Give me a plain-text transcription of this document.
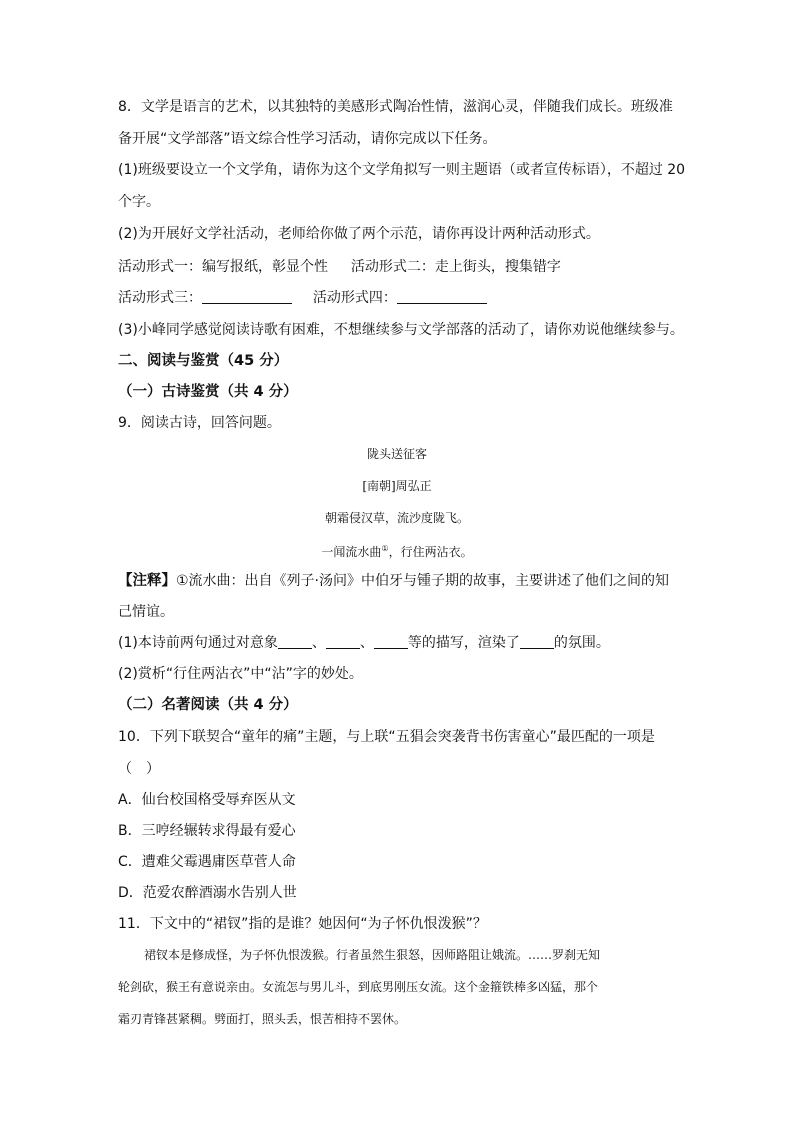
8．文学是语言的艺术，以其独特的美感形式陶冶性情，滋润心灵，伴随我们成长。班级准
备开展“文学部落”语文综合性学习活动，请你完成以下任务。
(1)班级要设立一个文学角，请你为这个文学角拟写一则主题语（或者宣传标语），不超过 20
个字。
(2)为开展好文学社活动，老师给你做了两个示范，请你再设计两种活动形式。
活动形式一：编写报纸，彰显个性 活动形式二：走上街头，搜集错字
活动形式三：	活动形式四：
(3)小峰同学感觉阅读诗歌有困难，不想继续参与文学部落的活动了，请你劝说他继续参与。
二、阅读与鉴赏（45 分）
（一）古诗鉴赏（共 4 分）
9．阅读古诗，回答问题。
陇头送征客
[南朝]周弘正
朝霜侵汉草，流沙度陇飞。
一闻流水曲①，行住两沾衣。
【注释】①流水曲：出自《列子·汤问》中伯牙与锺子期的故事，主要讲述了他们之间的知
己情谊。
(1)本诗前两句通过对意象 、 、 等的描写，渲染了 的氛围。
(2)赏析“行住两沾衣”中“沾”字的妙处。
（二）名著阅读（共 4 分）
10．下列下联契合“童年的痛”主题，与上联“五猖会突袭背书伤害童心”最匹配的一项是
（　）
A．仙台校国格受辱弃医从文
B．三哼经辗转求得最有爱心
C．遭难父霉遇庸医草菅人命
D．范爱农醉酒溺水告别人世
11．下文中的“裙钗”指的是谁？她因何“为子怀仇恨泼猴”？
裙钗本是修成怪，为子怀仇恨泼猴。行者虽然生狠怒，因师路阻让娥流。……罗刹无知
轮剑砍，猴王有意说亲由。女流怎与男儿斗，到底男刚压女流。这个金箍铁棒多凶猛，那个
霜刃青锋甚紧稠。劈面打，照头丢，恨苦相持不罢休。
